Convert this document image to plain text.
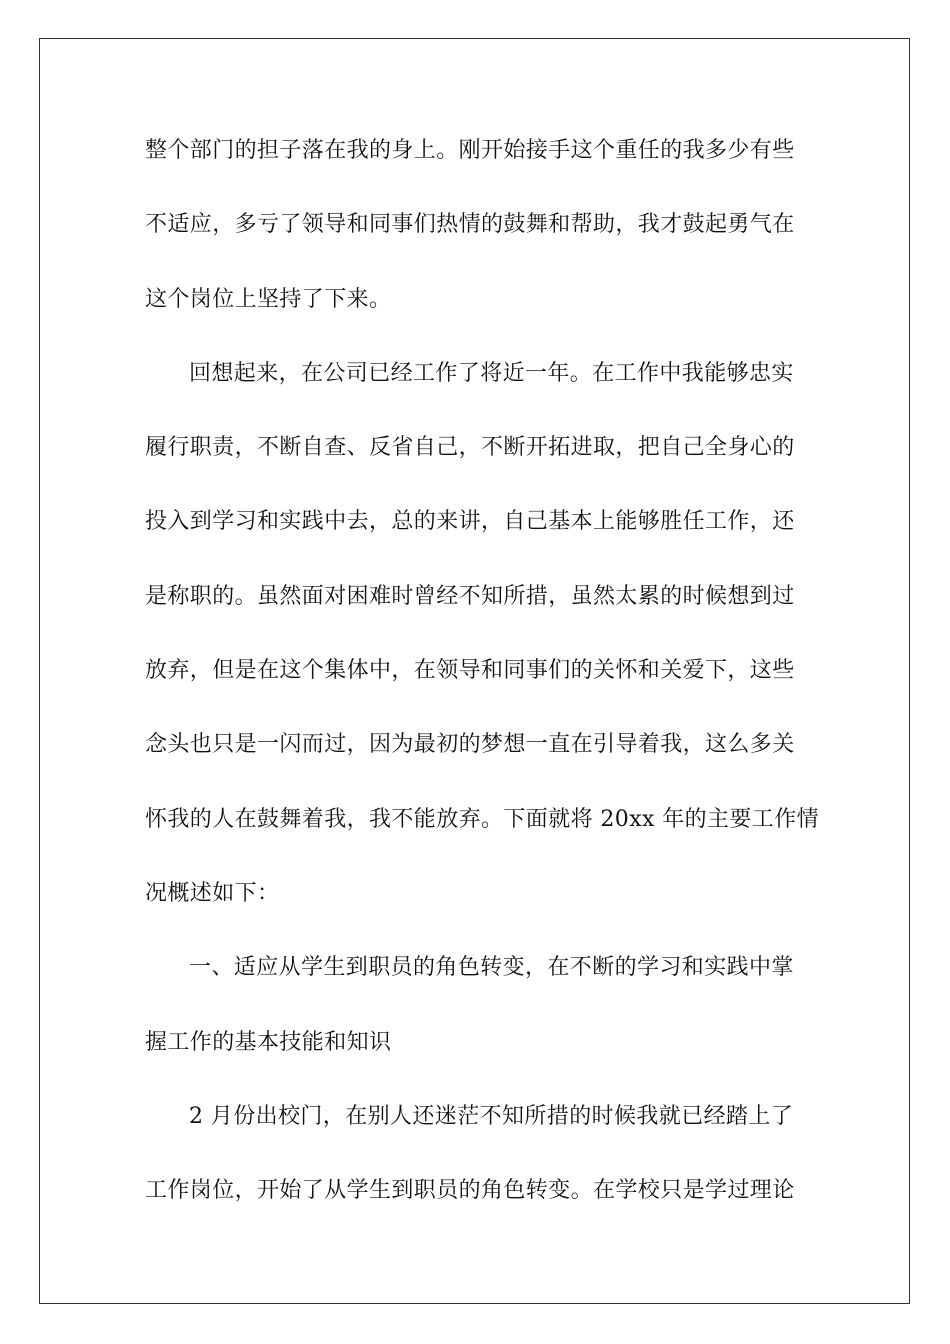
整个部门的担子落在我的身上。刚开始接手这个重任的我多少有些
不适应，多亏了领导和同事们热情的鼓舞和帮助，我才鼓起勇气在
这个岗位上坚持了下来。
回想起来，在公司已经工作了将近一年。在工作中我能够忠实
履行职责，不断自查、反省自己，不断开拓进取，把自己全身心的
投入到学习和实践中去，总的来讲，自己基本上能够胜任工作，还
是称职的。虽然面对困难时曾经不知所措，虽然太累的时候想到过
放弃，但是在这个集体中，在领导和同事们的关怀和关爱下，这些
念头也只是一闪而过，因为最初的梦想一直在引导着我，这么多关
怀我的人在鼓舞着我，我不能放弃。下面就将 20xx 年的主要工作情
况概述如下：
一、适应从学生到职员的角色转变，在不断的学习和实践中掌
握工作的基本技能和知识
2 月份出校门，在别人还迷茫不知所措的时候我就已经踏上了
工作岗位，开始了从学生到职员的角色转变。在学校只是学过理论
